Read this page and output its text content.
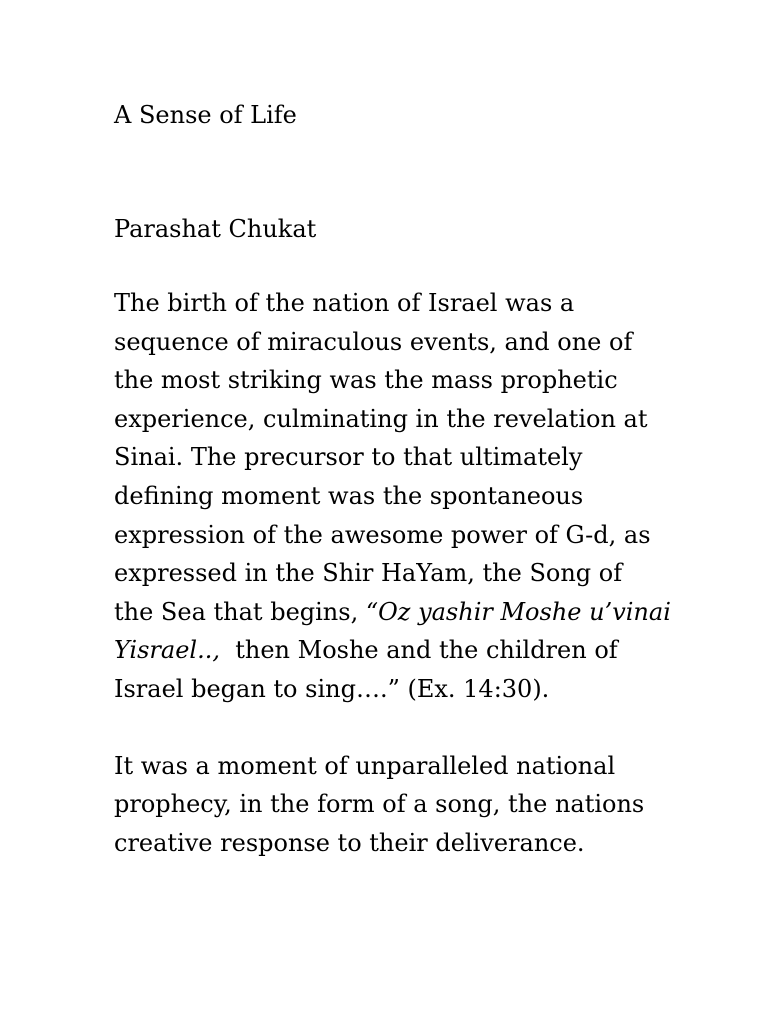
A Sense of Life
Parashat Chukat
The birth of the nation of Israel was a
sequence of miraculous events, and one of
the most striking was the mass prophetic
experience, culminating in the revelation at
Sinai. The precursor to that ultimately
defining moment was the spontaneous
expression of the awesome power of G-d, as
expressed in the Shir HaYam, the Song of
the Sea that begins, “Oz yashir Moshe u’vinai
Yisrael..,  then Moshe and the children of
Israel began to sing….” (Ex. 14:30).
It was a moment of unparalleled national
prophecy, in the form of a song, the nations
creative response to their deliverance.
